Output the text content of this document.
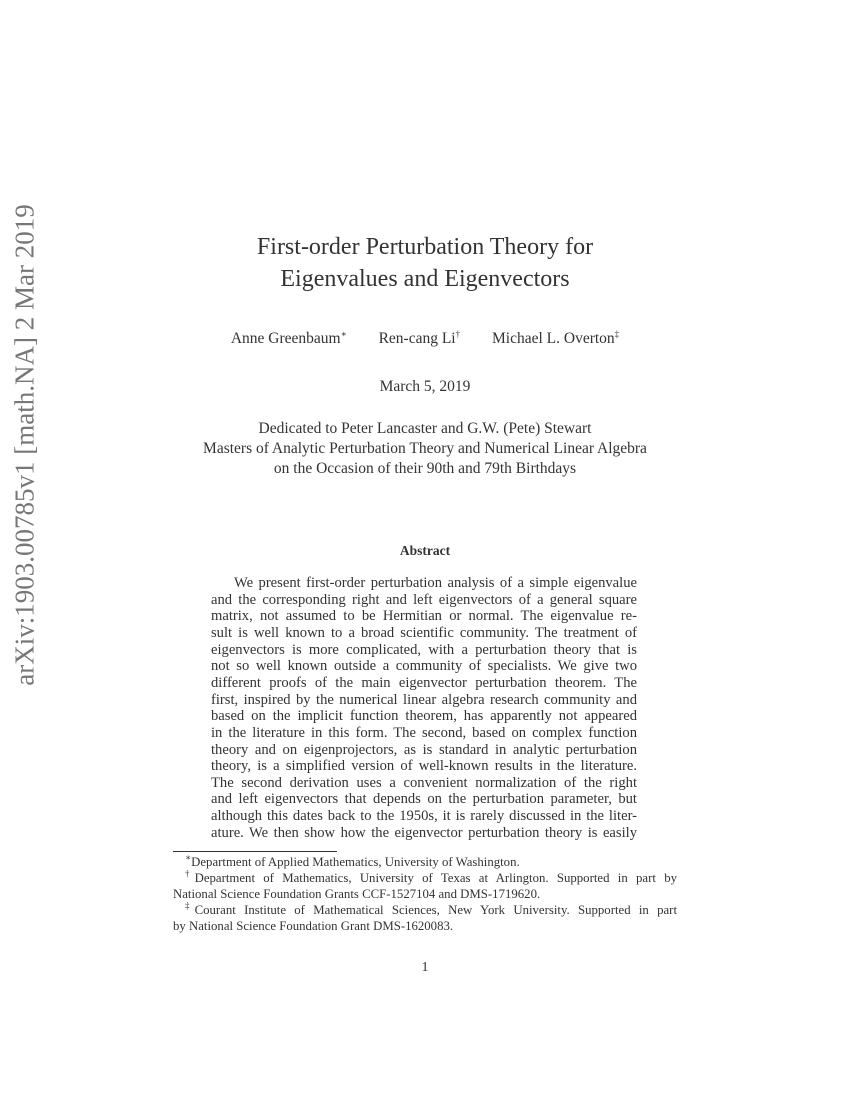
arXiv:1903.00785v1 [math.NA] 2 Mar 2019	First-order Perturbation Theory for
Eigenvalues and Eigenvectors
Anne Greenbaum∗ Ren-cang Li† Michael L. Overton‡
March 5, 2019
Dedicated to Peter Lancaster and G.W. (Pete) Stewart
Masters of Analytic Perturbation Theory and Numerical Linear Algebra
on the Occasion of their 90th and 79th Birthdays
Abstract
We present first-order perturbation analysis of a simple eigenvalue
and the corresponding right and left eigenvectors of a general square
matrix, not assumed to be Hermitian or normal. The eigenvalue re-
sult is well known to a broad scientific community. The treatment of
eigenvectors is more complicated, with a perturbation theory that is
not so well known outside a community of specialists. We give two
different proofs of the main eigenvector perturbation theorem. The
first, inspired by the numerical linear algebra research community and
based on the implicit function theorem, has apparently not appeared
in the literature in this form. The second, based on complex function
theory and on eigenprojectors, as is standard in analytic perturbation
theory, is a simplified version of well-known results in the literature.
The second derivation uses a convenient normalization of the right
and left eigenvectors that depends on the perturbation parameter, but
although this dates back to the 1950s, it is rarely discussed in the liter-
ature. We then show how the eigenvector perturbation theory is easily
∗Department of Applied Mathematics, University of Washington.
†Department of Mathematics, University of Texas at Arlington. Supported in part by
National Science Foundation Grants CCF-1527104 and DMS-1719620.
‡Courant Institute of Mathematical Sciences, New York University. Supported in part
by National Science Foundation Grant DMS-1620083.
1
